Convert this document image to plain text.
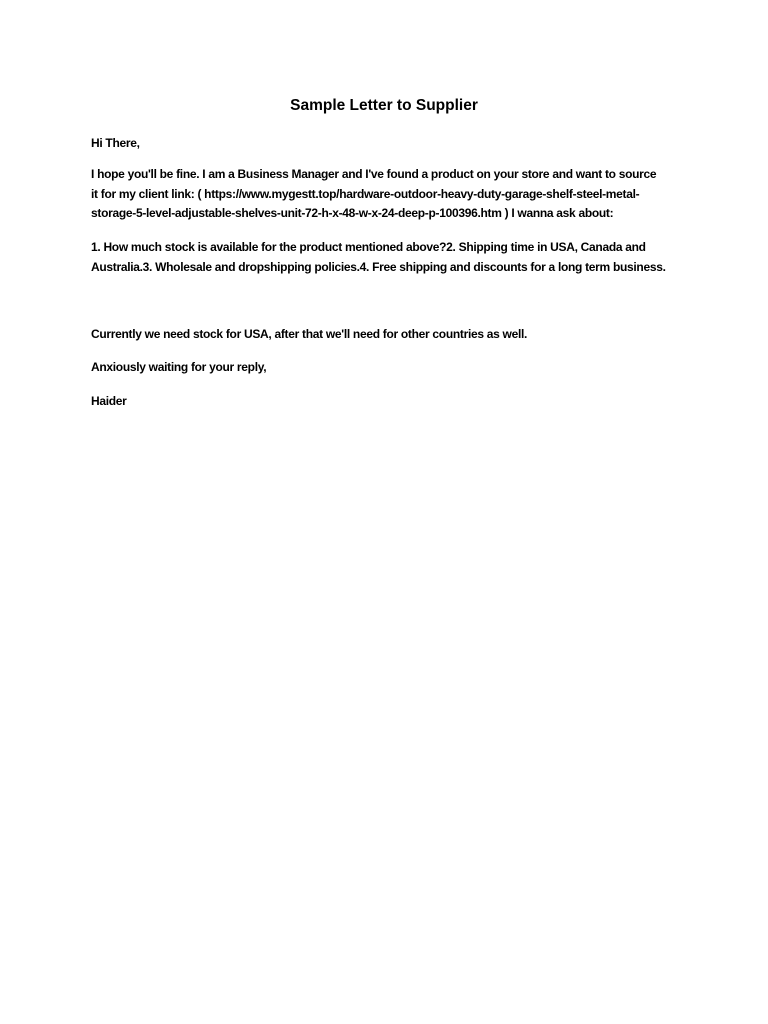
Sample Letter to Supplier
Hi There,
I hope you'll be fine. I am a Business Manager and I've found a product on your store and want to source
it for my client link: ( https://www.mygestt.top/hardware-outdoor-heavy-duty-garage-shelf-steel-metal-
storage-5-level-adjustable-shelves-unit-72-h-x-48-w-x-24-deep-p-100396.htm ) I wanna ask about:
1. How much stock is available for the product mentioned above?2. Shipping time in USA, Canada and
Australia.3. Wholesale and dropshipping policies.4. Free shipping and discounts for a long term business.
Currently we need stock for USA, after that we'll need for other countries as well.
Anxiously waiting for your reply,
Haider
